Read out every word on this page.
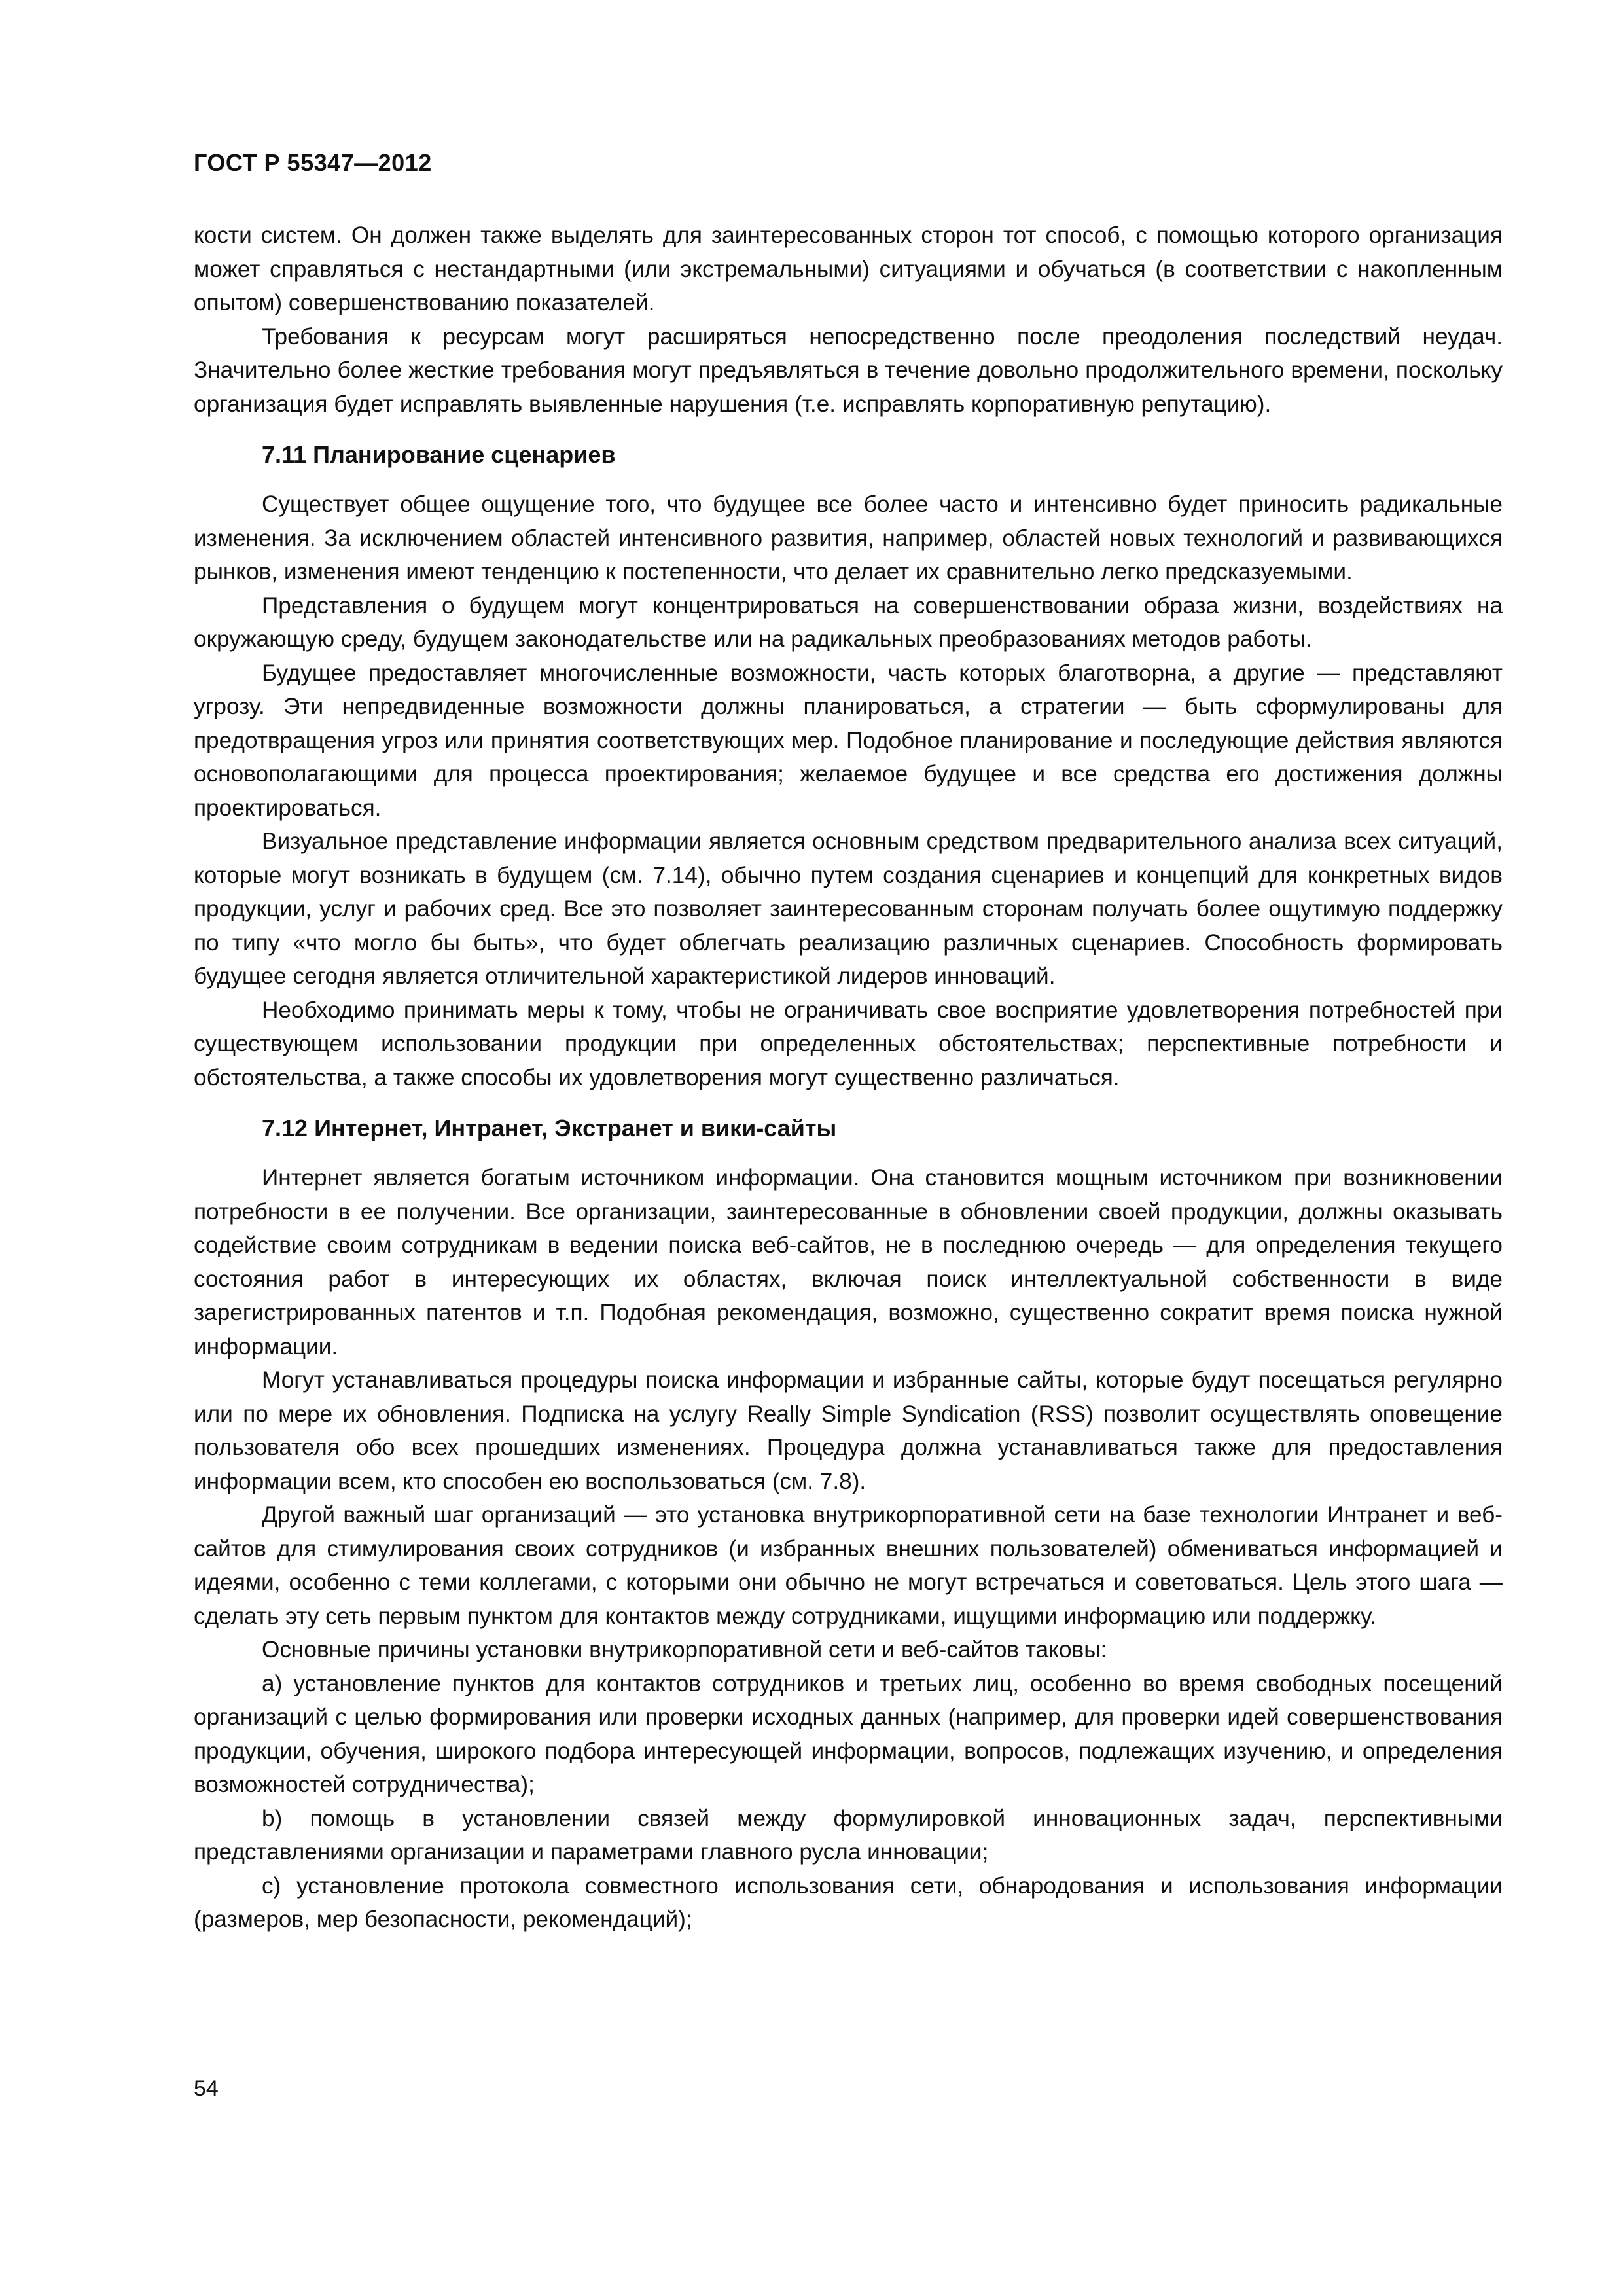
ГОСТ Р 55347—2012

кости систем. Он должен также выделять для заинтересованных сторон тот способ, с помощью которого организация может справляться с нестандартными (или экстремальными) ситуациями и обучаться (в соответствии с накопленным опытом) совершенствованию показателей.

Требования к ресурсам могут расширяться непосредственно после преодоления последствий неудач. Значительно более жесткие требования могут предъявляться в течение довольно продолжительного времени, поскольку организация будет исправлять выявленные нарушения (т.е. исправлять корпоративную репутацию).

7.11 Планирование сценариев

Существует общее ощущение того, что будущее все более часто и интенсивно будет приносить радикальные изменения. За исключением областей интенсивного развития, например, областей новых технологий и развивающихся рынков, изменения имеют тенденцию к постепенности, что делает их сравнительно легко предсказуемыми.

Представления о будущем могут концентрироваться на совершенствовании образа жизни, воздействиях на окружающую среду, будущем законодательстве или на радикальных преобразованиях методов работы.

Будущее предоставляет многочисленные возможности, часть которых благотворна, а другие — представляют угрозу. Эти непредвиденные возможности должны планироваться, а стратегии — быть сформулированы для предотвращения угроз или принятия соответствующих мер. Подобное планирование и последующие действия являются основополагающими для процесса проектирования; желаемое будущее и все средства его достижения должны проектироваться.

Визуальное представление информации является основным средством предварительного анализа всех ситуаций, которые могут возникать в будущем (см. 7.14), обычно путем создания сценариев и концепций для конкретных видов продукции, услуг и рабочих сред. Все это позволяет заинтересованным сторонам получать более ощутимую поддержку по типу «что могло бы быть», что будет облегчать реализацию различных сценариев. Способность формировать будущее сегодня является отличительной характеристикой лидеров инноваций.

Необходимо принимать меры к тому, чтобы не ограничивать свое восприятие удовлетворения потребностей при существующем использовании продукции при определенных обстоятельствах; перспективные потребности и обстоятельства, а также способы их удовлетворения могут существенно различаться.

7.12 Интернет, Интранет, Экстранет и вики-сайты

Интернет является богатым источником информации. Она становится мощным источником при возникновении потребности в ее получении. Все организации, заинтересованные в обновлении своей продукции, должны оказывать содействие своим сотрудникам в ведении поиска веб-сайтов, не в последнюю очередь — для определения текущего состояния работ в интересующих их областях, включая поиск интеллектуальной собственности в виде зарегистрированных патентов и т.п. Подобная рекомендация, возможно, существенно сократит время поиска нужной информации.

Могут устанавливаться процедуры поиска информации и избранные сайты, которые будут посещаться регулярно или по мере их обновления. Подписка на услугу Really Simple Syndication (RSS) позволит осуществлять оповещение пользователя обо всех прошедших изменениях. Процедура должна устанавливаться также для предоставления информации всем, кто способен ею воспользоваться (см. 7.8).

Другой важный шаг организаций — это установка внутрикорпоративной сети на базе технологии Интранет и веб-сайтов для стимулирования своих сотрудников (и избранных внешних пользователей) обмениваться информацией и идеями, особенно с теми коллегами, с которыми они обычно не могут встречаться и советоваться. Цель этого шага — сделать эту сеть первым пунктом для контактов между сотрудниками, ищущими информацию или поддержку.

Основные причины установки внутрикорпоративной сети и веб-сайтов таковы:

a) установление пунктов для контактов сотрудников и третьих лиц, особенно во время свободных посещений организаций с целью формирования или проверки исходных данных (например, для проверки идей совершенствования продукции, обучения, широкого подбора интересующей информации, вопросов, подлежащих изучению, и определения возможностей сотрудничества);

b) помощь в установлении связей между формулировкой инновационных задач, перспективными представлениями организации и параметрами главного русла инновации;

c) установление протокола совместного использования сети, обнародования и использования информации (размеров, мер безопасности, рекомендаций);

54
